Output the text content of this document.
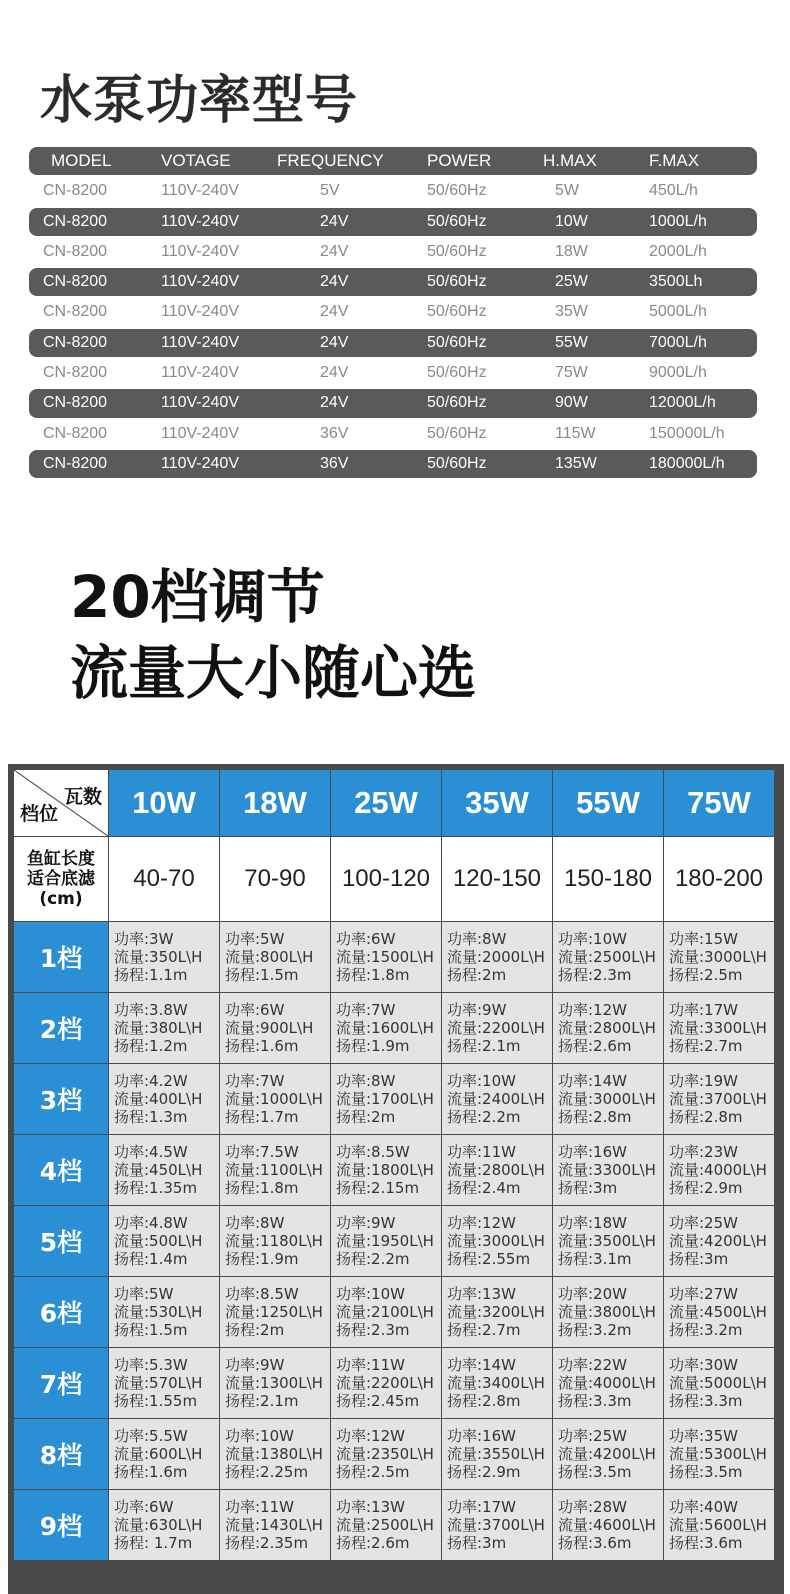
水泵功率型号
MODEL	VOTAGE	FREQUENCY	POWER	H.MAX	F.MAX
CN-8200	110V-240V	5V	50/60Hz	5W	450L/h
CN-8200	110V-240V	24V	50/60Hz	10W	1000L/h
CN-8200	110V-240V	24V	50/60Hz	18W	2000L/h
CN-8200	110V-240V	24V	50/60Hz	25W	3500Lh
CN-8200	110V-240V	24V	50/60Hz	35W	5000L/h
CN-8200	110V-240V	24V	50/60Hz	55W	7000L/h
CN-8200	110V-240V	24V	50/60Hz	75W	9000L/h
CN-8200	110V-240V	24V	50/60Hz	90W	12000L/h
CN-8200	110V-240V	36V	50/60Hz	115W	150000L/h
CN-8200	110V-240V	36V	50/60Hz	135W	180000L/h
20档调节
流量大小随心选
瓦数
档位	10W	18W	25W	35W	55W	75W
鱼缸长度
适合底滤
(cm)
40-70	70-90	100-120 120-150 150-180 180-200
1档
功率:3W
流量:350L\H
扬程:1.1m
功率:5W
流量:800L\H
扬程:1.5m
功率:6W
流量:1500L\H
扬程:1.8m
功率:8W
流量:2000L\H
扬程:2m
功率:10W
流量:2500L\H
扬程:2.3m
功率:15W
流量:3000L\H
扬程:2.5m
2档
功率:3.8W
流量:380L\H
扬程:1.2m
功率:6W
流量:900L\H
扬程:1.6m
功率:7W
流量:1600L\H
扬程:1.9m
功率:9W
流量:2200L\H
扬程:2.1m
功率:12W
流量:2800L\H
扬程:2.6m
功率:17W
流量:3300L\H
扬程:2.7m
3档
功率:4.2W
流量:400L\H
扬程:1.3m
功率:7W
流量:1000L\H
扬程:1.7m
功率:8W
流量:1700L\H
扬程:2m
功率:10W
流量:2400L\H
扬程:2.2m
功率:14W
流量:3000L\H
扬程:2.8m
功率:19W
流量:3700L\H
扬程:2.8m
4档
功率:4.5W
流量:450L\H
扬程:1.35m
功率:7.5W
流量:1100L\H
扬程:1.8m
功率:8.5W
流量:1800L\H
扬程:2.15m
功率:11W
流量:2800L\H
扬程:2.4m
功率:16W
流量:3300L\H
扬程:3m
功率:23W
流量:4000L\H
扬程:2.9m
5档
功率:4.8W
流量:500L\H
扬程:1.4m
功率:8W
流量:1180L\H
扬程:1.9m
功率:9W
流量:1950L\H
扬程:2.2m
功率:12W
流量:3000L\H
扬程:2.55m
功率:18W
流量:3500L\H
扬程:3.1m
功率:25W
流量:4200L\H
扬程:3m
6档
功率:5W
流量:530L\H
扬程:1.5m
功率:8.5W
流量:1250L\H
扬程:2m
功率:10W
流量:2100L\H
扬程:2.3m
功率:13W
流量:3200L\H
扬程:2.7m
功率:20W
流量:3800L\H
扬程:3.2m
功率:27W
流量:4500L\H
扬程:3.2m
7档
功率:5.3W
流量:570L\H
扬程:1.55m
功率:9W
流量:1300L\H
扬程:2.1m
功率:11W
流量:2200L\H
扬程:2.45m
功率:14W
流量:3400L\H
扬程:2.8m
功率:22W
流量:4000L\H
扬程:3.3m
功率:30W
流量:5000L\H
扬程:3.3m
8档
功率:5.5W
流量:600L\H
扬程:1.6m
功率:10W
流量:1380L\H
扬程:2.25m
功率:12W
流量:2350L\H
扬程:2.5m
功率:16W
流量:3550L\H
扬程:2.9m
功率:25W
流量:4200L\H
扬程:3.5m
功率:35W
流量:5300L\H
扬程:3.5m
9档
功率:6W
流量:630L\H
扬程: 1.7m
功率:11W
流量:1430L\H
扬程:2.35m
功率:13W
流量:2500L\H
扬程:2.6m
功率:17W
流量:3700L\H
扬程:3m
功率:28W
流量:4600L\H
扬程:3.6m
功率:40W
流量:5600L\H
扬程:3.6m
